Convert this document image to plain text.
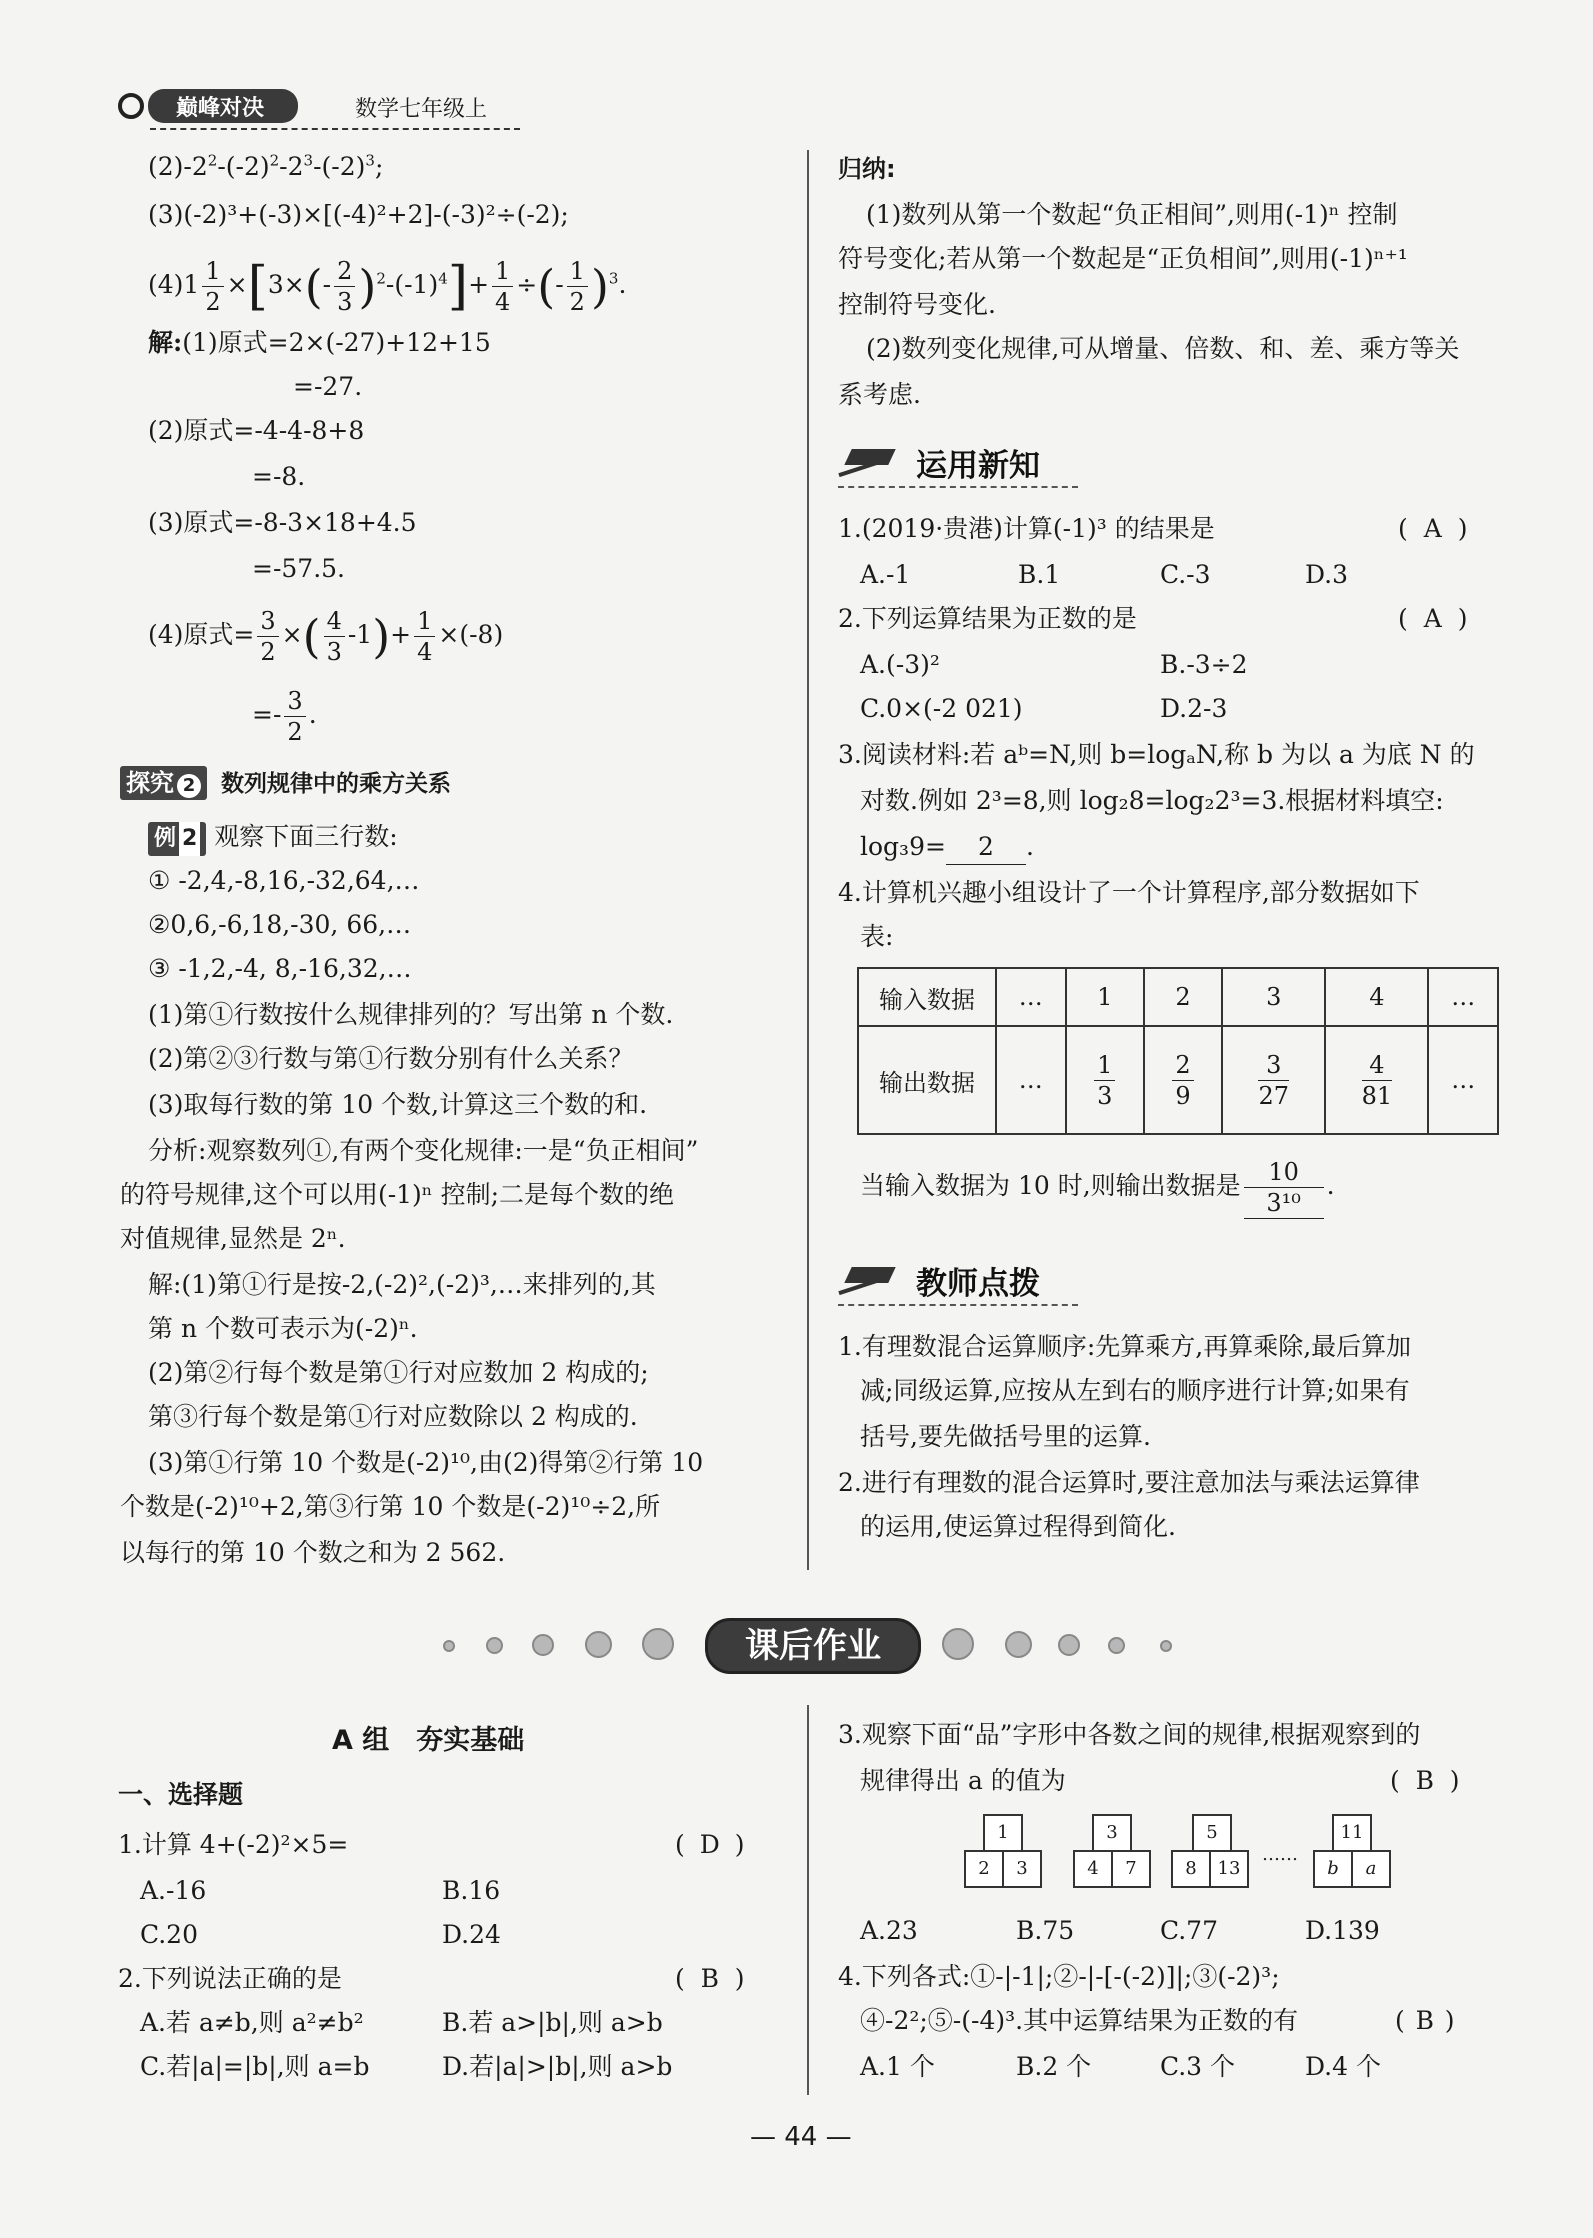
巅峰对决	数学七年级上
$(2)-2^2-(-2)^2-2^3-(-2)^3$;
(3)(-2)³+(-3)×[(-4)²+2]-(-3)²÷(-2);
$(4)1 \frac{1}{2} \times[3\times(- \frac{2}{3} )^2-(-1)^4]+ \frac{1}{4}$ ÷(- $\frac{1}{2} )^3$.
解:(1)原式=2×(-27)+12+15
=-27.
(2)原式=-4-4-8+8
=-8.
(3)原式=-8-3×18+4.5
=-57.5.
(4)原式= $\frac{3}{2}$ ×( $\frac{4}{3} -1)+ \frac{1}{4} \times(-8)$
=- $\frac{3}{2}$ .
探究 2 数列规律中的乘方关系
例 2 观察下面三行数:
① -2,4,-8,16,-32,64,…
②0,6,-6,18,-30, 66,…
③ -1,2,-4, 8,-16,32,…
(1)第①行数按什么规律排列的？写出第 n 个数.
(2)第②③行数与第①行数分别有什么关系？
(3)取每行数的第 10 个数,计算这三个数的和.
分析:观察数列①,有两个变化规律:一是“负正相间”
的符号规律,这个可以用(-1)ⁿ 控制;二是每个数的绝
对值规律,显然是 2ⁿ.
解:(1)第①行是按-2,(-2)²,(-2)³,…来排列的,其
第 n 个数可表示为(-2)ⁿ.
(2)第②行每个数是第①行对应数加 2 构成的;
第③行每个数是第①行对应数除以 2 构成的.
(3)第①行第 10 个数是(-2)¹⁰,由(2)得第②行第 10
个数是(-2)¹⁰+2,第③行第 10 个数是(-2)¹⁰÷2,所
以每行的第 10 个数之和为 2 562.
归纳:
(1)数列从第一个数起“负正相间”,则用(-1)ⁿ 控制
符号变化;若从第一个数起是“正负相间”,则用(-1)ⁿ⁺¹
控制符号变化.
(2)数列变化规律,可从增量、倍数、和、差、乘方等关
系考虑.
运用新知
1.(2019·贵港)计算(-1)³ 的结果是	( A )
A.-1	B.1	C.-3	D.3
2.下列运算结果为正数的是	( A )
A.(-3)²	B.-3÷2
C.0×(-2 021)	D.2-3
3.阅读材料:若 aᵇ=N,则 b=logₐN,称 b 为以 a 为底 N 的
对数.例如 2³=8,则 log₂8=log₂2³=3.根据材料填空:
log₃9= 2 .
4.计算机兴趣小组设计了一个计算程序,部分数据如下
表:
输入数据	…	1	2	3	4	…
输出数据	…	$\frac{1}{3}$	$\frac{2}{9}$	$\frac{3}{27}$	$\frac{4}{81}$	…
当输入数据为 10 时,则输出数据是 $\frac{10}{\text{3¹⁰}}$ .
教师点拨
1.有理数混合运算顺序:先算乘方,再算乘除,最后算加
减;同级运算,应按从左到右的顺序进行计算;如果有
括号,要先做括号里的运算.
2.进行有理数的混合运算时,要注意加法与乘法运算律
的运用,使运算过程得到简化.
课后作业
A 组　夯实基础
一、选择题
1.计算 4+(-2)²×5=	( D )
A.-16	B.16
C.20	D.24
2.下列说法正确的是	( B )
A.若 a≠b,则 a²≠b²	B.若 a>|b|,则 a>b
C.若|a|=|b|,则 a=b	D.若|a|>|b|,则 a>b
3.观察下面“品”字形中各数之间的规律,根据观察到的
规律得出 a 的值为	( B )
1
2	3
3
4	7
5
8	13
……
11
b	a
A.23	B.75	C.77	D.139
4.下列各式:①-|-1|;②-|-[-(-2)]|;③(-2)³;
④-2²;⑤-(-4)³.其中运算结果为正数的有	( B )
A.1 个	B.2 个	C.3 个	D.4 个
— 44 —
